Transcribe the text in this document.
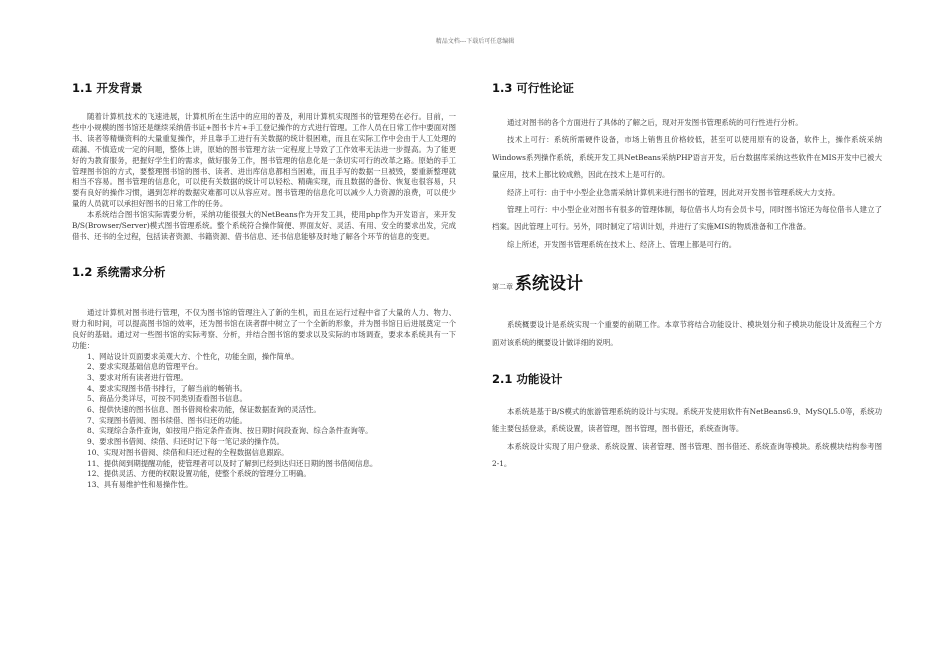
精品文档---下载后可任意编辑
1.1 开发背景

随着计算机技术的飞速进展，计算机所在生活中的应用的普及，利用计算机实现图书的管理势在必行。目前，一些中小规模的图书馆还是继续采纳借书证+图书卡片+手工登记操作的方式进行管理。工作人员在日常工作中要面对图书、读者等精燥资料的大量重复操作，并且靠手工进行有关数据的统计很困难，而且在实际工作中会由于人工处理的疏漏、不慎造成一定的问题，整体上讲，原始的图书管理方法一定程度上导致了工作效率无法进一步提高。为了能更好的为教育服务，把握好学生们的需求，做好服务工作，图书管理的信息化是一条切实可行的改革之路。原始的手工管理图书馆的方式，要整理图书馆的图书、读者、进出库信息都相当困难，而且手写的数据一旦被毁，要重新整理就相当不容易。图书管理的信息化，可以使有关数据的统计可以轻松、精确实现，而且数据的备份、恢复也很容易，只要有良好的操作习惯，遇到怎样的数据灾难都可以从容应对。图书管理的信息化可以减少人力资源的浪费，可以使少量的人员就可以承担好图书的日常工作的任务。

本系统结合图书馆实际需要分析，采纳功能很强大的NetBeans作为开发工具，使用php作为开发语言，来开发B/S(Browser/Server)模式图书管理系统。整个系统符合操作简便、界面友好、灵活、有用、安全的要求出发，完成借书、还书的全过程，包括读者资源、书籍资源、借书信息、还书信息能够及时地了解各个环节的信息的变更。

1.2 系统需求分析

通过计算机对图书进行管理，不仅为图书馆的管理注入了新的生机，而且在运行过程中省了大量的人力、物力、财力和时间，可以提高图书馆的效率，还为图书馆在读者群中树立了一个全新的形象，并为图书馆日后进展奠定一个良好的基础。通过对一些图书馆的实际考察、分析，并结合图书馆的要求以及实际的市场调查，要求本系统具有一下功能：

1、网站设计页面要求美观大方、个性化，功能全面，操作简单。

2、要求实现基础信息的管理平台。

3、要求对所有读者进行管理。

4、要求实现图书借书排行，了解当前的畅销书。

5、商品分类详尽，可按不同类别查看图书信息。

6、提供快速的图书信息、图书借阅检索功能，保证数据查询的灵活性。

7、实现图书借阅、图书续借、图书归还的功能。

8、实现综合条件查询，如按用户指定条件查询、按日期时间段查询、综合条件查询等。

9、要求图书借阅、续借、归还时记下每一笔记录的操作员。

10、实现对图书借阅、续借和归还过程的全程数据信息跟踪。

11、提供阅到期提醒功能，使管理者可以及时了解到已经到达归还日期的图书借阅信息。

12、提供灵活、方便的权限设置功能，使整个系统的管理分工明确。

13、具有易维护性和易操作性。

1.3 可行性论证

通过对图书的各个方面进行了具体的了解之后，现对开发图书管理系统的可行性进行分析。

技术上可行：系统所需硬件设备，市场上销售且价格较低，甚至可以使用原有的设备，软件上，操作系统采纳Windows系列操作系统，系统开发工具NetBeans采纳PHP语言开发，后台数据库采纳这些软件在MIS开发中已被大量应用，技术上都比较成熟，因此在技术上是可行的。

经济上可行：由于中小型企业急需采纳计算机来进行图书的管理，因此对开发图书管理系统大力支持。

管理上可行：中小型企业对图书有很多的管理体制，每位借书人均有会员卡号，同时图书馆还为每位借书人建立了档案。因此管理上可行。另外，同时制定了培训计划，并进行了实施MIS的物质准备和工作准备。

综上所述，开发图书管理系统在技术上、经济上、管理上都是可行的。

第二章 系统设计

系统概要设计是系统实现一个重要的前期工作。本章节将结合功能设计、模块划分和子模块功能设计及流程三个方面对该系统的概要设计做详细的说明。

2.1 功能设计

本系统是基于B/S模式的旅游管理系统的设计与实现。系统开发使用软件有NetBeans6.9、MySQL5.0等，系统功能主要包括登录，系统设置，读者管理，图书管理，图书借还，系统查询等。

本系统设计实现了用户登录、系统设置、读者管理、图书管理、图书借还、系统查询等模块。系统模块结构参考图2-1。
